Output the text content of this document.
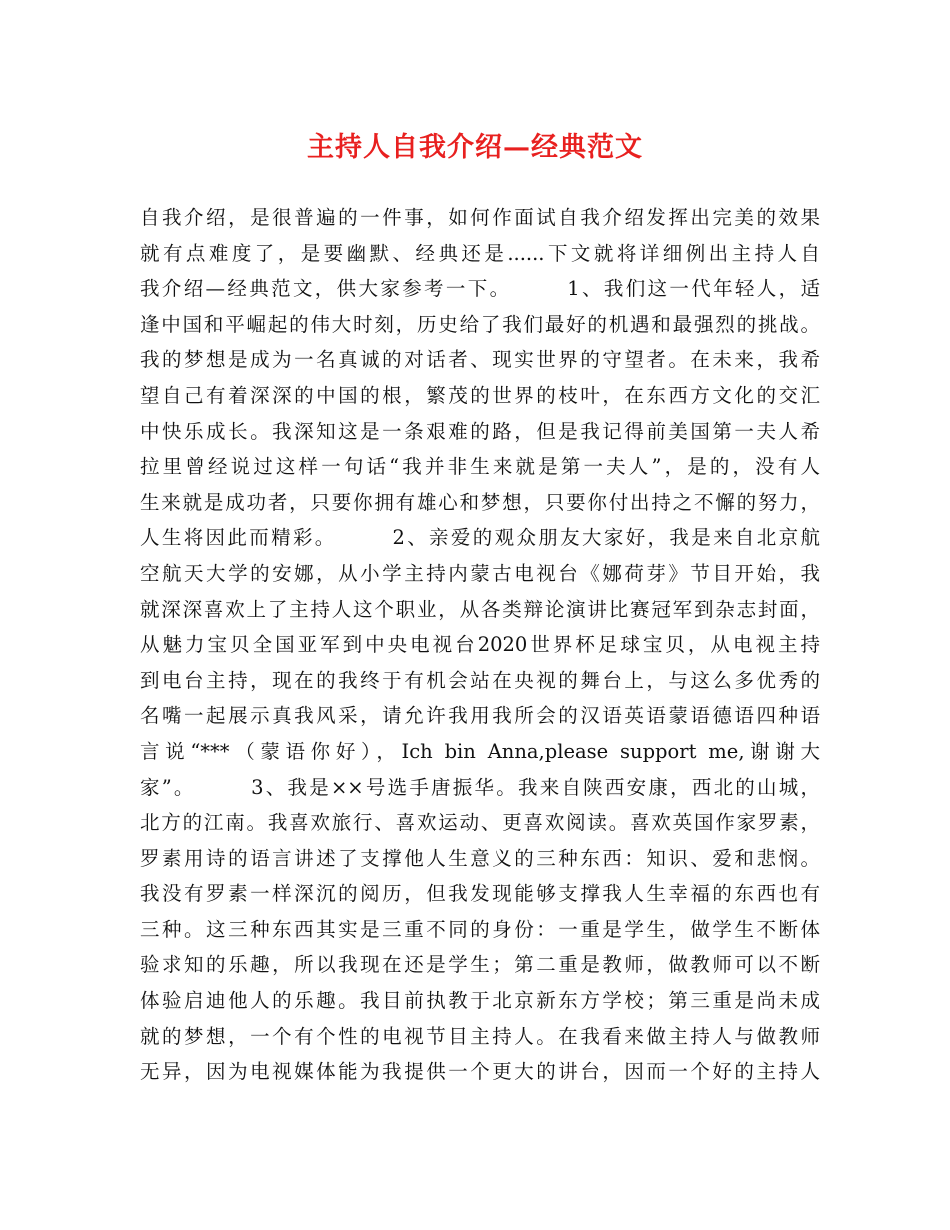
主持人自我介绍—经典范文
自我介绍，是很普遍的一件事，如何作面试自我介绍发挥出完美的效果
就有点难度了，是要幽默、经典还是......下文就将详细例出主持人自
我介绍—经典范文，供大家参考一下。　　　1、我们这一代年轻人，适
逢中国和平崛起的伟大时刻，历史给了我们最好的机遇和最强烈的挑战。
我的梦想是成为一名真诚的对话者、现实世界的守望者。在未来，我希
望自己有着深深的中国的根，繁茂的世界的枝叶，在东西方文化的交汇
中快乐成长。我深知这是一条艰难的路，但是我记得前美国第一夫人希
拉里曾经说过这样一句话“我并非生来就是第一夫人”，是的，没有人
生来就是成功者，只要你拥有雄心和梦想，只要你付出持之不懈的努力，
人生将因此而精彩。　　　2、亲爱的观众朋友大家好，我是来自北京航
空航天大学的安娜，从小学主持内蒙古电视台《娜荷芽》节目开始，我
就深深喜欢上了主持人这个职业，从各类辩论演讲比赛冠军到杂志封面，
从魅力宝贝全国亚军到中央电视台2020世界杯足球宝贝，从电视主持
到电台主持，现在的我终于有机会站在央视的舞台上，与这么多优秀的
名嘴一起展示真我风采，请允许我用我所会的汉语英语蒙语德语四种语
言说“***（蒙语你好），Ich bin Anna,please support me,谢谢大
家”。　　　3、我是××号选手唐振华。我来自陕西安康，西北的山城，
北方的江南。我喜欢旅行、喜欢运动、更喜欢阅读。喜欢英国作家罗素，
罗素用诗的语言讲述了支撑他人生意义的三种东西：知识、爱和悲悯。
我没有罗素一样深沉的阅历，但我发现能够支撑我人生幸福的东西也有
三种。这三种东西其实是三重不同的身份：一重是学生，做学生不断体
验求知的乐趣，所以我现在还是学生；第二重是教师，做教师可以不断
体验启迪他人的乐趣。我目前执教于北京新东方学校；第三重是尚未成
就的梦想，一个有个性的电视节目主持人。在我看来做主持人与做教师
无异，因为电视媒体能为我提供一个更大的讲台，因而一个好的主持人
